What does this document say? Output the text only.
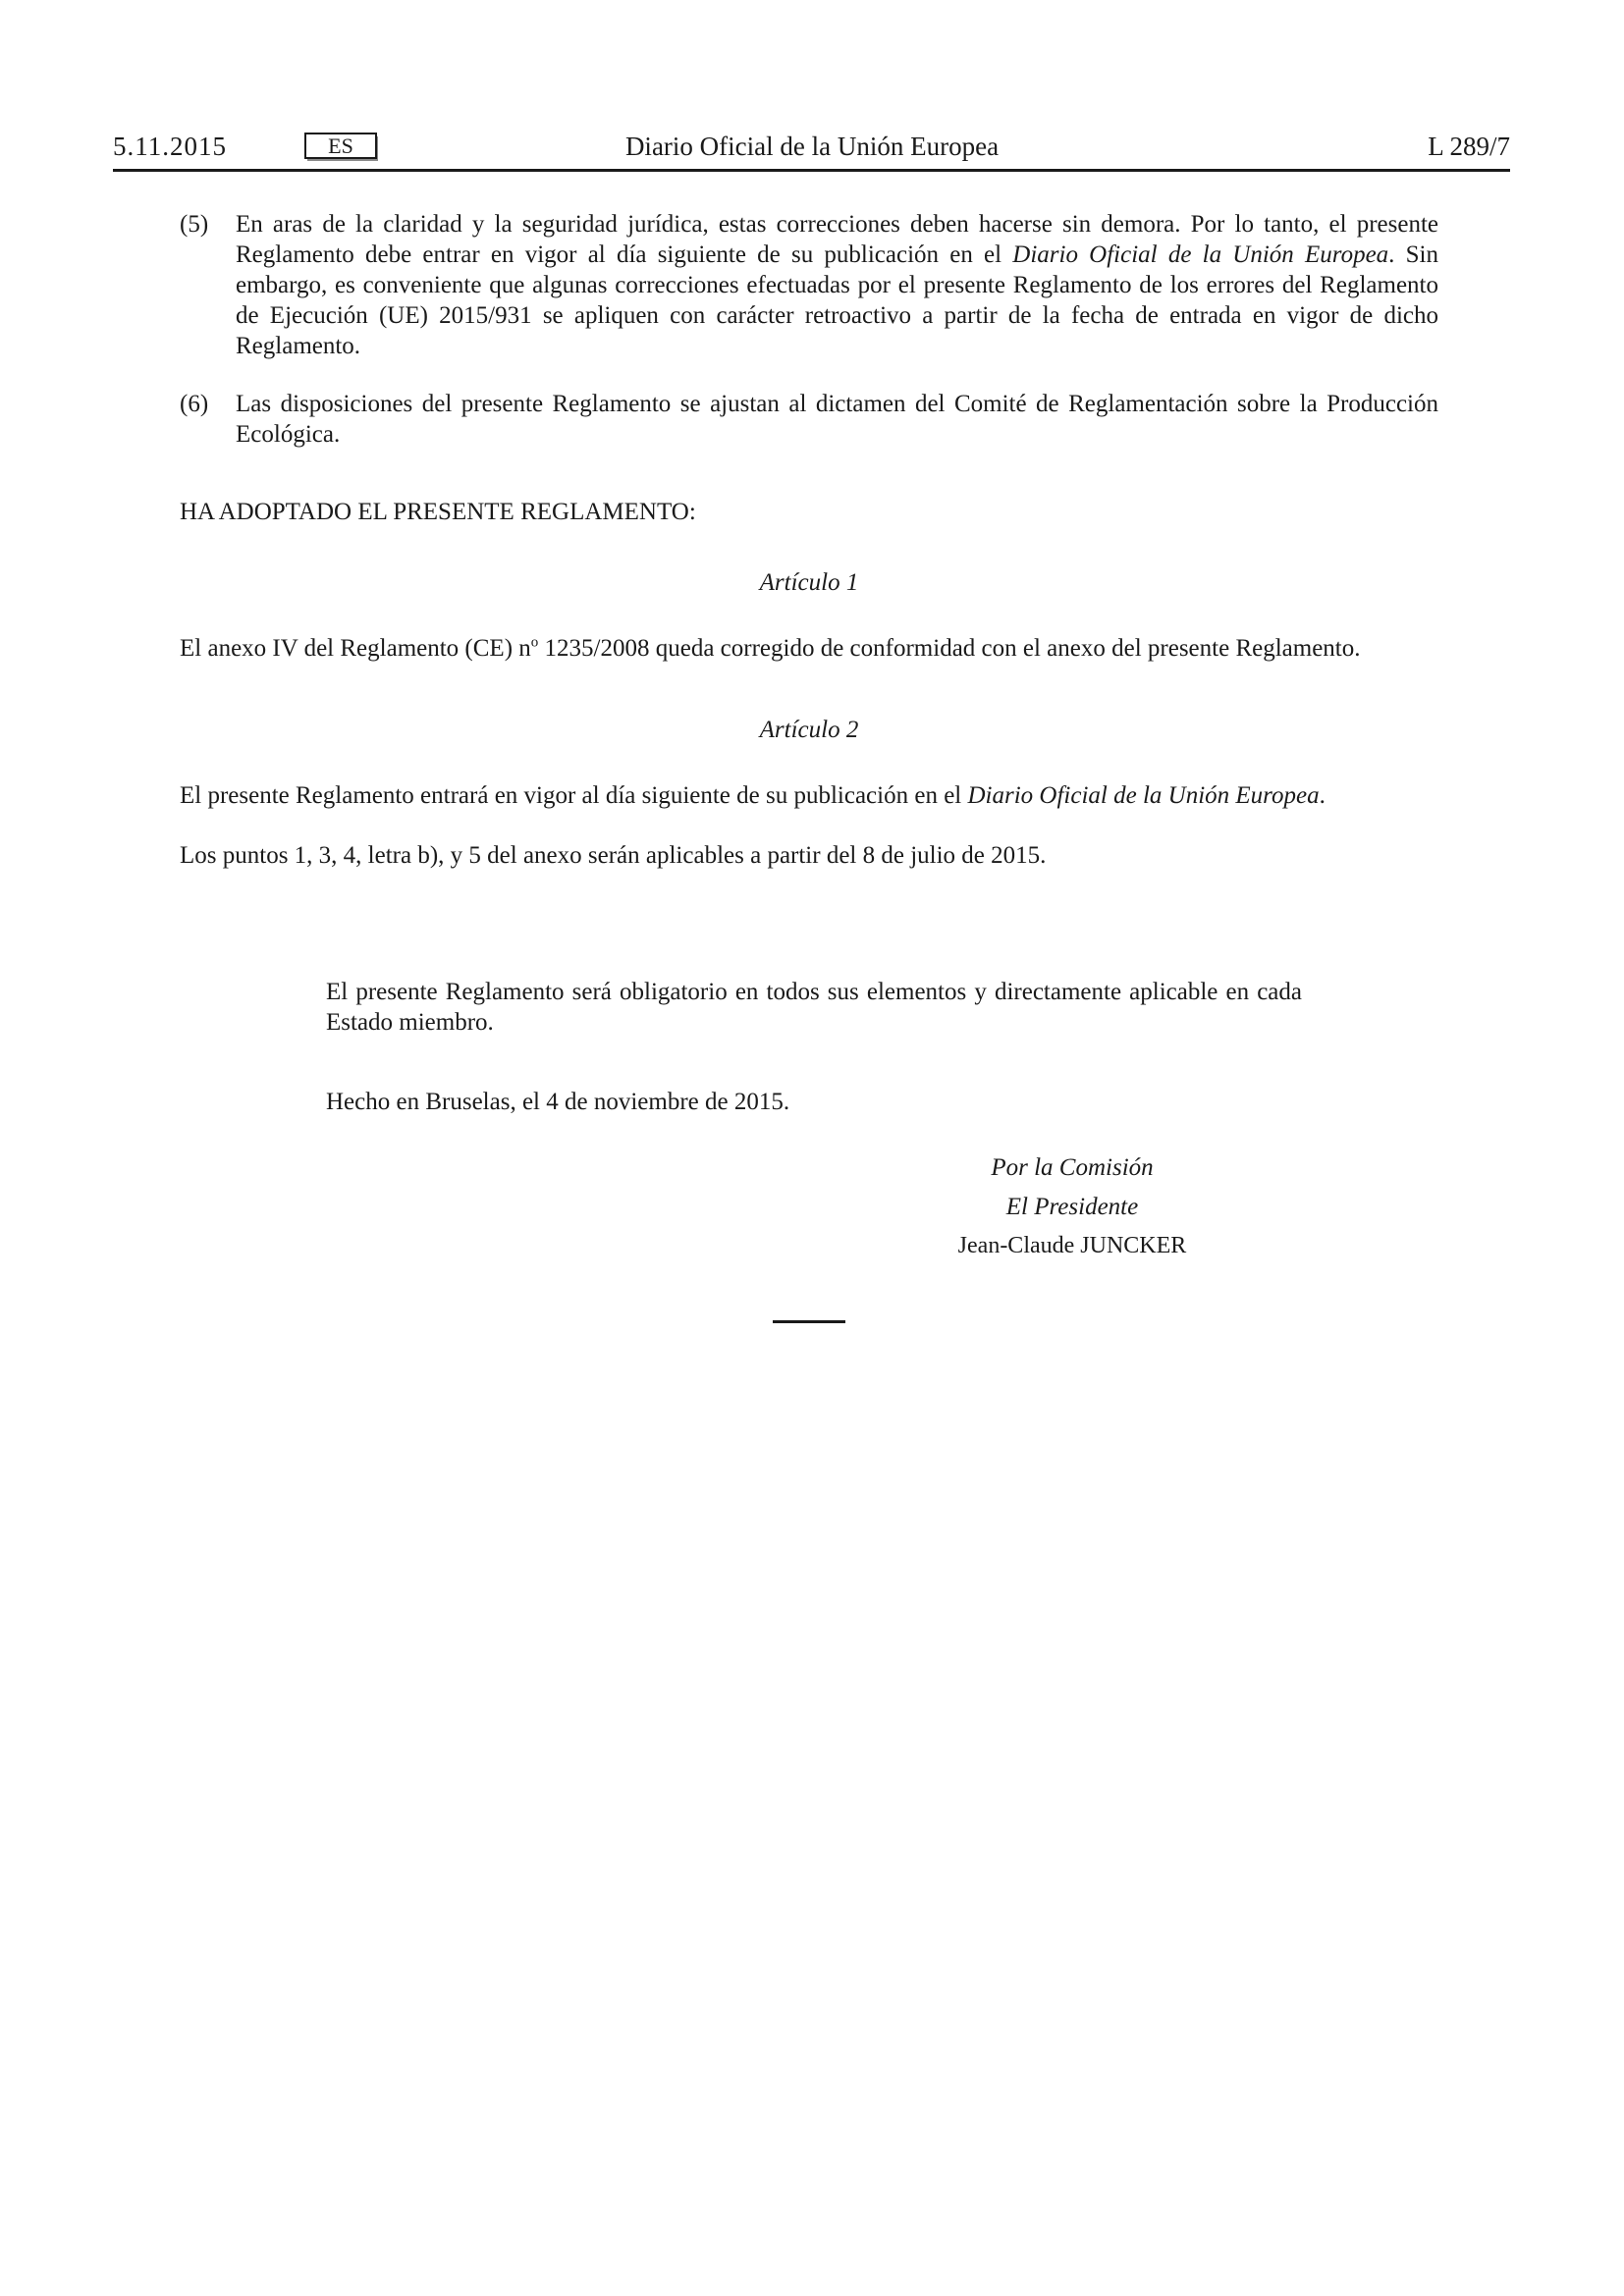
5.11.2015	ES	Diario Oficial de la Unión Europea	L 289/7
(5)	En aras de la claridad y la seguridad jurídica, estas correcciones deben hacerse sin demora. Por lo tanto, el presente Reglamento debe entrar en vigor al día siguiente de su publicación en el Diario Oficial de la Unión Europea. Sin embargo, es conveniente que algunas correcciones efectuadas por el presente Reglamento de los errores del Reglamento de Ejecución (UE) 2015/931 se apliquen con carácter retroactivo a partir de la fecha de entrada en vigor de dicho Reglamento.

(6)	Las disposiciones del presente Reglamento se ajustan al dictamen del Comité de Reglamentación sobre la Producción Ecológica.

HA ADOPTADO EL PRESENTE REGLAMENTO:

Artículo 1

El anexo IV del Reglamento (CE) $n^o$ 1235/2008 queda corregido de conformidad con el anexo del presente Reglamento.

Artículo 2

El presente Reglamento entrará en vigor al día siguiente de su publicación en el Diario Oficial de la Unión Europea.

Los puntos 1, 3, 4, letra b), y 5 del anexo serán aplicables a partir del 8 de julio de 2015.

El presente Reglamento será obligatorio en todos sus elementos y directamente aplicable en cada Estado miembro.

Hecho en Bruselas, el 4 de noviembre de 2015.

Por la Comisión

El Presidente

Jean-Claude JUNCKER
